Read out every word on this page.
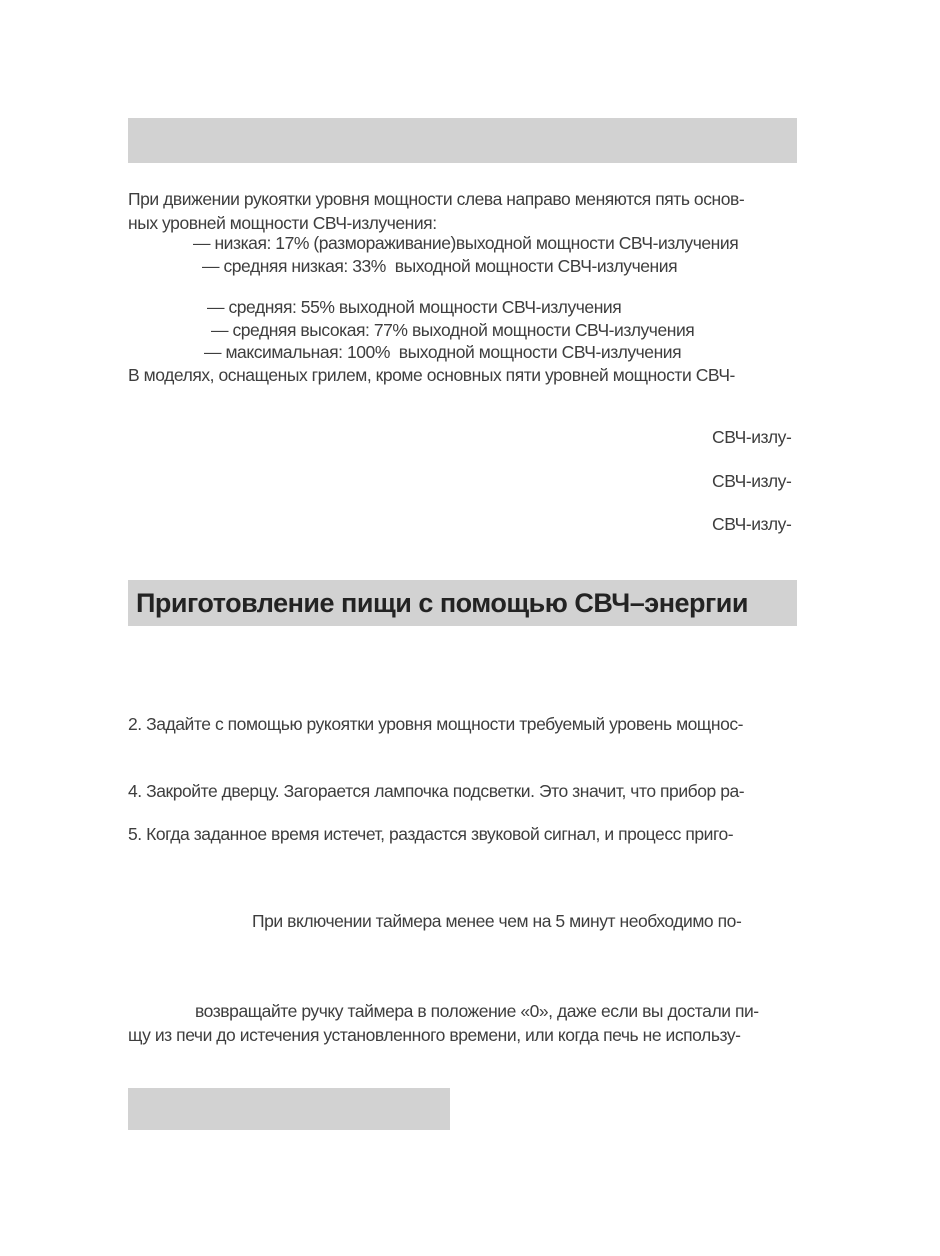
При движении рукоятки уровня мощности слева направо меняются пять основ-
ных уровней мощности СВЧ-излучения:
— низкая: 17% (размораживание)выходной мощности СВЧ-излучения
— средняя низкая: 33%  выходной мощности СВЧ-излучения
— средняя: 55% выходной мощности СВЧ-излучения
— средняя высокая: 77% выходной мощности СВЧ-излучения
— максимальная: 100%  выходной мощности СВЧ-излучения
В моделях, оснащеных грилем, кроме основных пяти уровней мощности СВЧ-
СВЧ-излу-
СВЧ-излу-
СВЧ-излу-
Приготовление пищи с помощью СВЧ–энергии
2. Задайте с помощью рукоятки уровня мощности требуемый уровень мощнос-
4. Закройте дверцу. Загорается лампочка подсветки. Это значит, что прибор ра-
5. Когда заданное время истечет, раздастся звуковой сигнал, и процесс приго-
При включении таймера менее чем на 5 минут необходимо по-
возвращайте ручку таймера в положение «0», даже если вы достали пи-
щу из печи до истечения установленного времени, или когда печь не использу-
